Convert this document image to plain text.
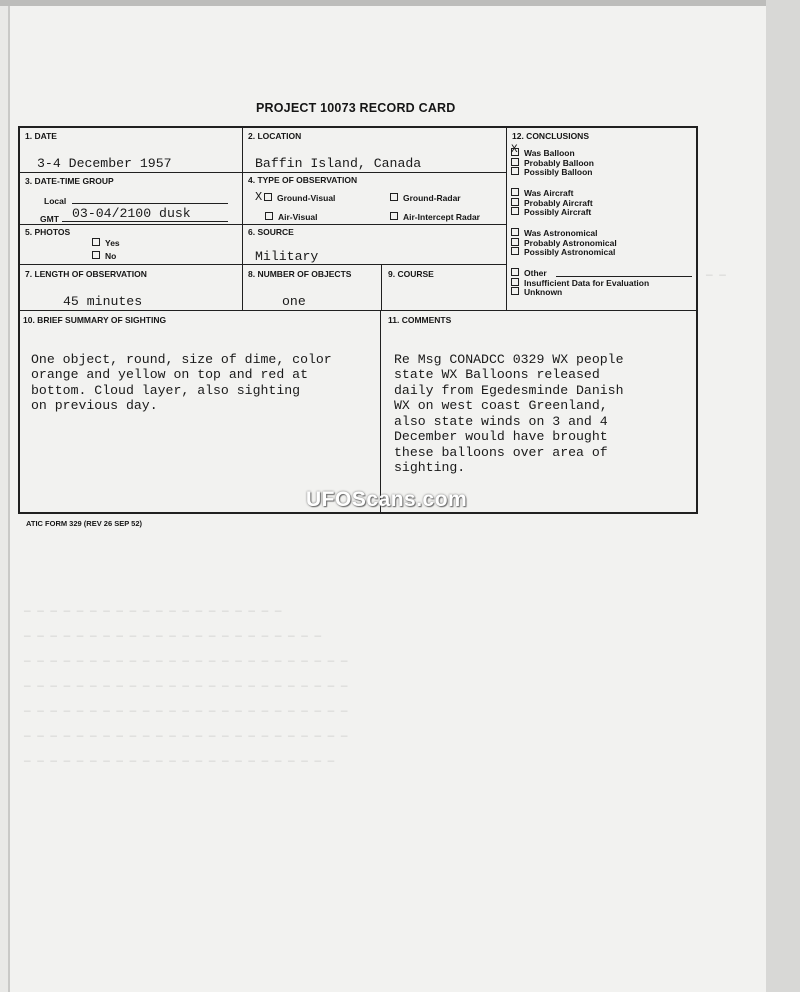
— —
— — — — — — — — — — — — — — — — — — — —
— — — — — — — — — — — — — — — — — — — — — — —
— — — — — — — — — — — — — — — — — — — — — — — — —
— — — — — — — — — — — — — — — — — — — — — — — — —
— — — — — — — — — — — — — — — — — — — — — — — — —
— — — — — — — — — — — — — — — — — — — — — — — — —
— — — — — — — — — — — — — — — — — — — — — — — —
PROJECT 10073 RECORD CARD
1. DATE
3-4 December 1957
2. LOCATION
Baffin Island, Canada
3. DATE-TIME GROUP
Local
GMT 03-04/2100 dusk
4. TYPE OF OBSERVATION
X	Ground-Visual	Ground-Radar
Air-Visual	Air-Intercept Radar
5. PHOTOS
Yes
No
6. SOURCE
Military
7. LENGTH OF OBSERVATION
45 minutes
8. NUMBER OF OBJECTS
one
9. COURSE
12. CONCLUSIONS
X Was Balloon
Probably Balloon
Possibly Balloon
Was Aircraft
Probably Aircraft
Possibly Aircraft
Was Astronomical
Probably Astronomical
Possibly Astronomical
Other
Insufficient Data for Evaluation
Unknown
10. BRIEF SUMMARY OF SIGHTING

One object, round, size of dime, color
orange and yellow on top and red at
bottom. Cloud layer, also sighting
on previous day.
11. COMMENTS

Re Msg CONADCC 0329 WX people
state WX Balloons released
daily from Egedesminde Danish
WX on west coast Greenland,
also state winds on 3 and 4
December would have brought
these balloons over area of
sighting.
UFOScans.com
ATIC FORM 329 (REV 26 SEP 52)
